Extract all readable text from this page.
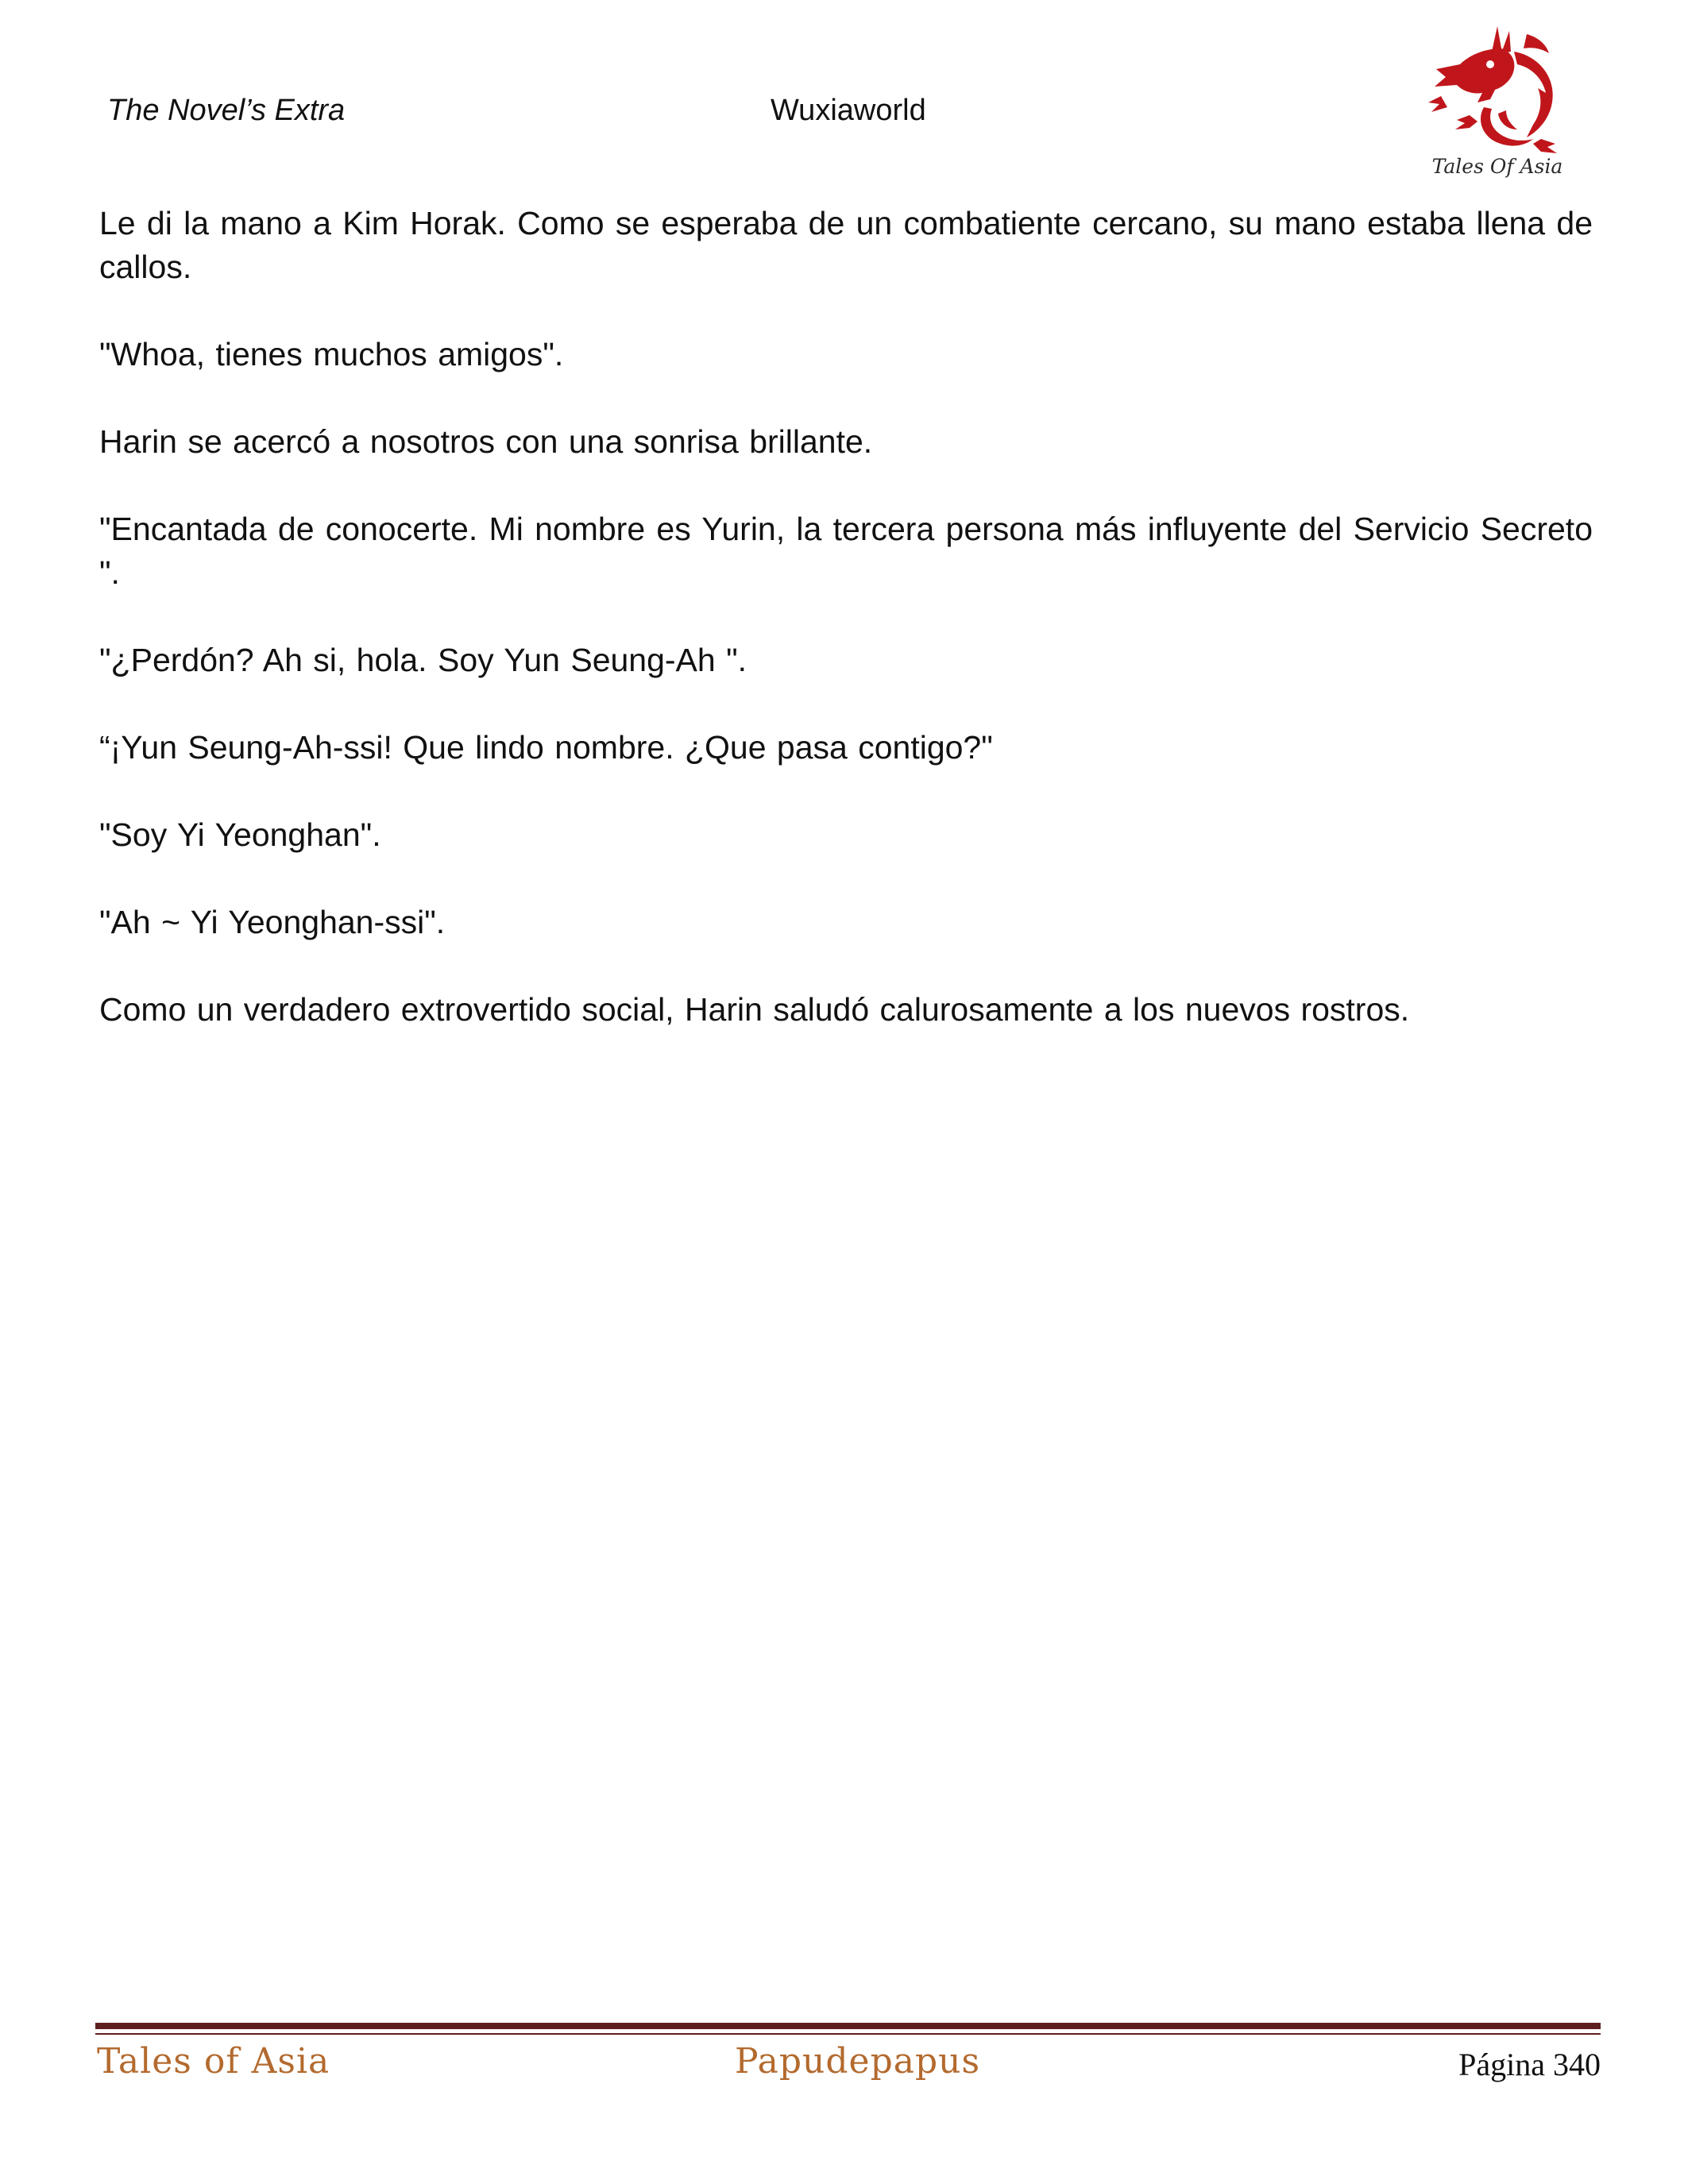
The Novel’s Extra	Wuxiaworld
Tales Of Asia

Le di la mano a Kim Horak. Como se esperaba de un combatiente cercano, su mano estaba llena de callos.

"Whoa, tienes muchos amigos".

Harin se acercó a nosotros con una sonrisa brillante.

"Encantada de conocerte. Mi nombre es Yurin, la tercera persona más influyente del Servicio Secreto ".

"¿Perdón? Ah si, hola. Soy Yun Seung-Ah ".

“¡Yun Seung-Ah-ssi! Que lindo nombre. ¿Que pasa contigo?"

"Soy Yi Yeonghan".

"Ah ~ Yi Yeonghan-ssi".

Como un verdadero extrovertido social, Harin saludó calurosamente a los nuevos rostros.

Tales of Asia	Papudepapus	Página 340
